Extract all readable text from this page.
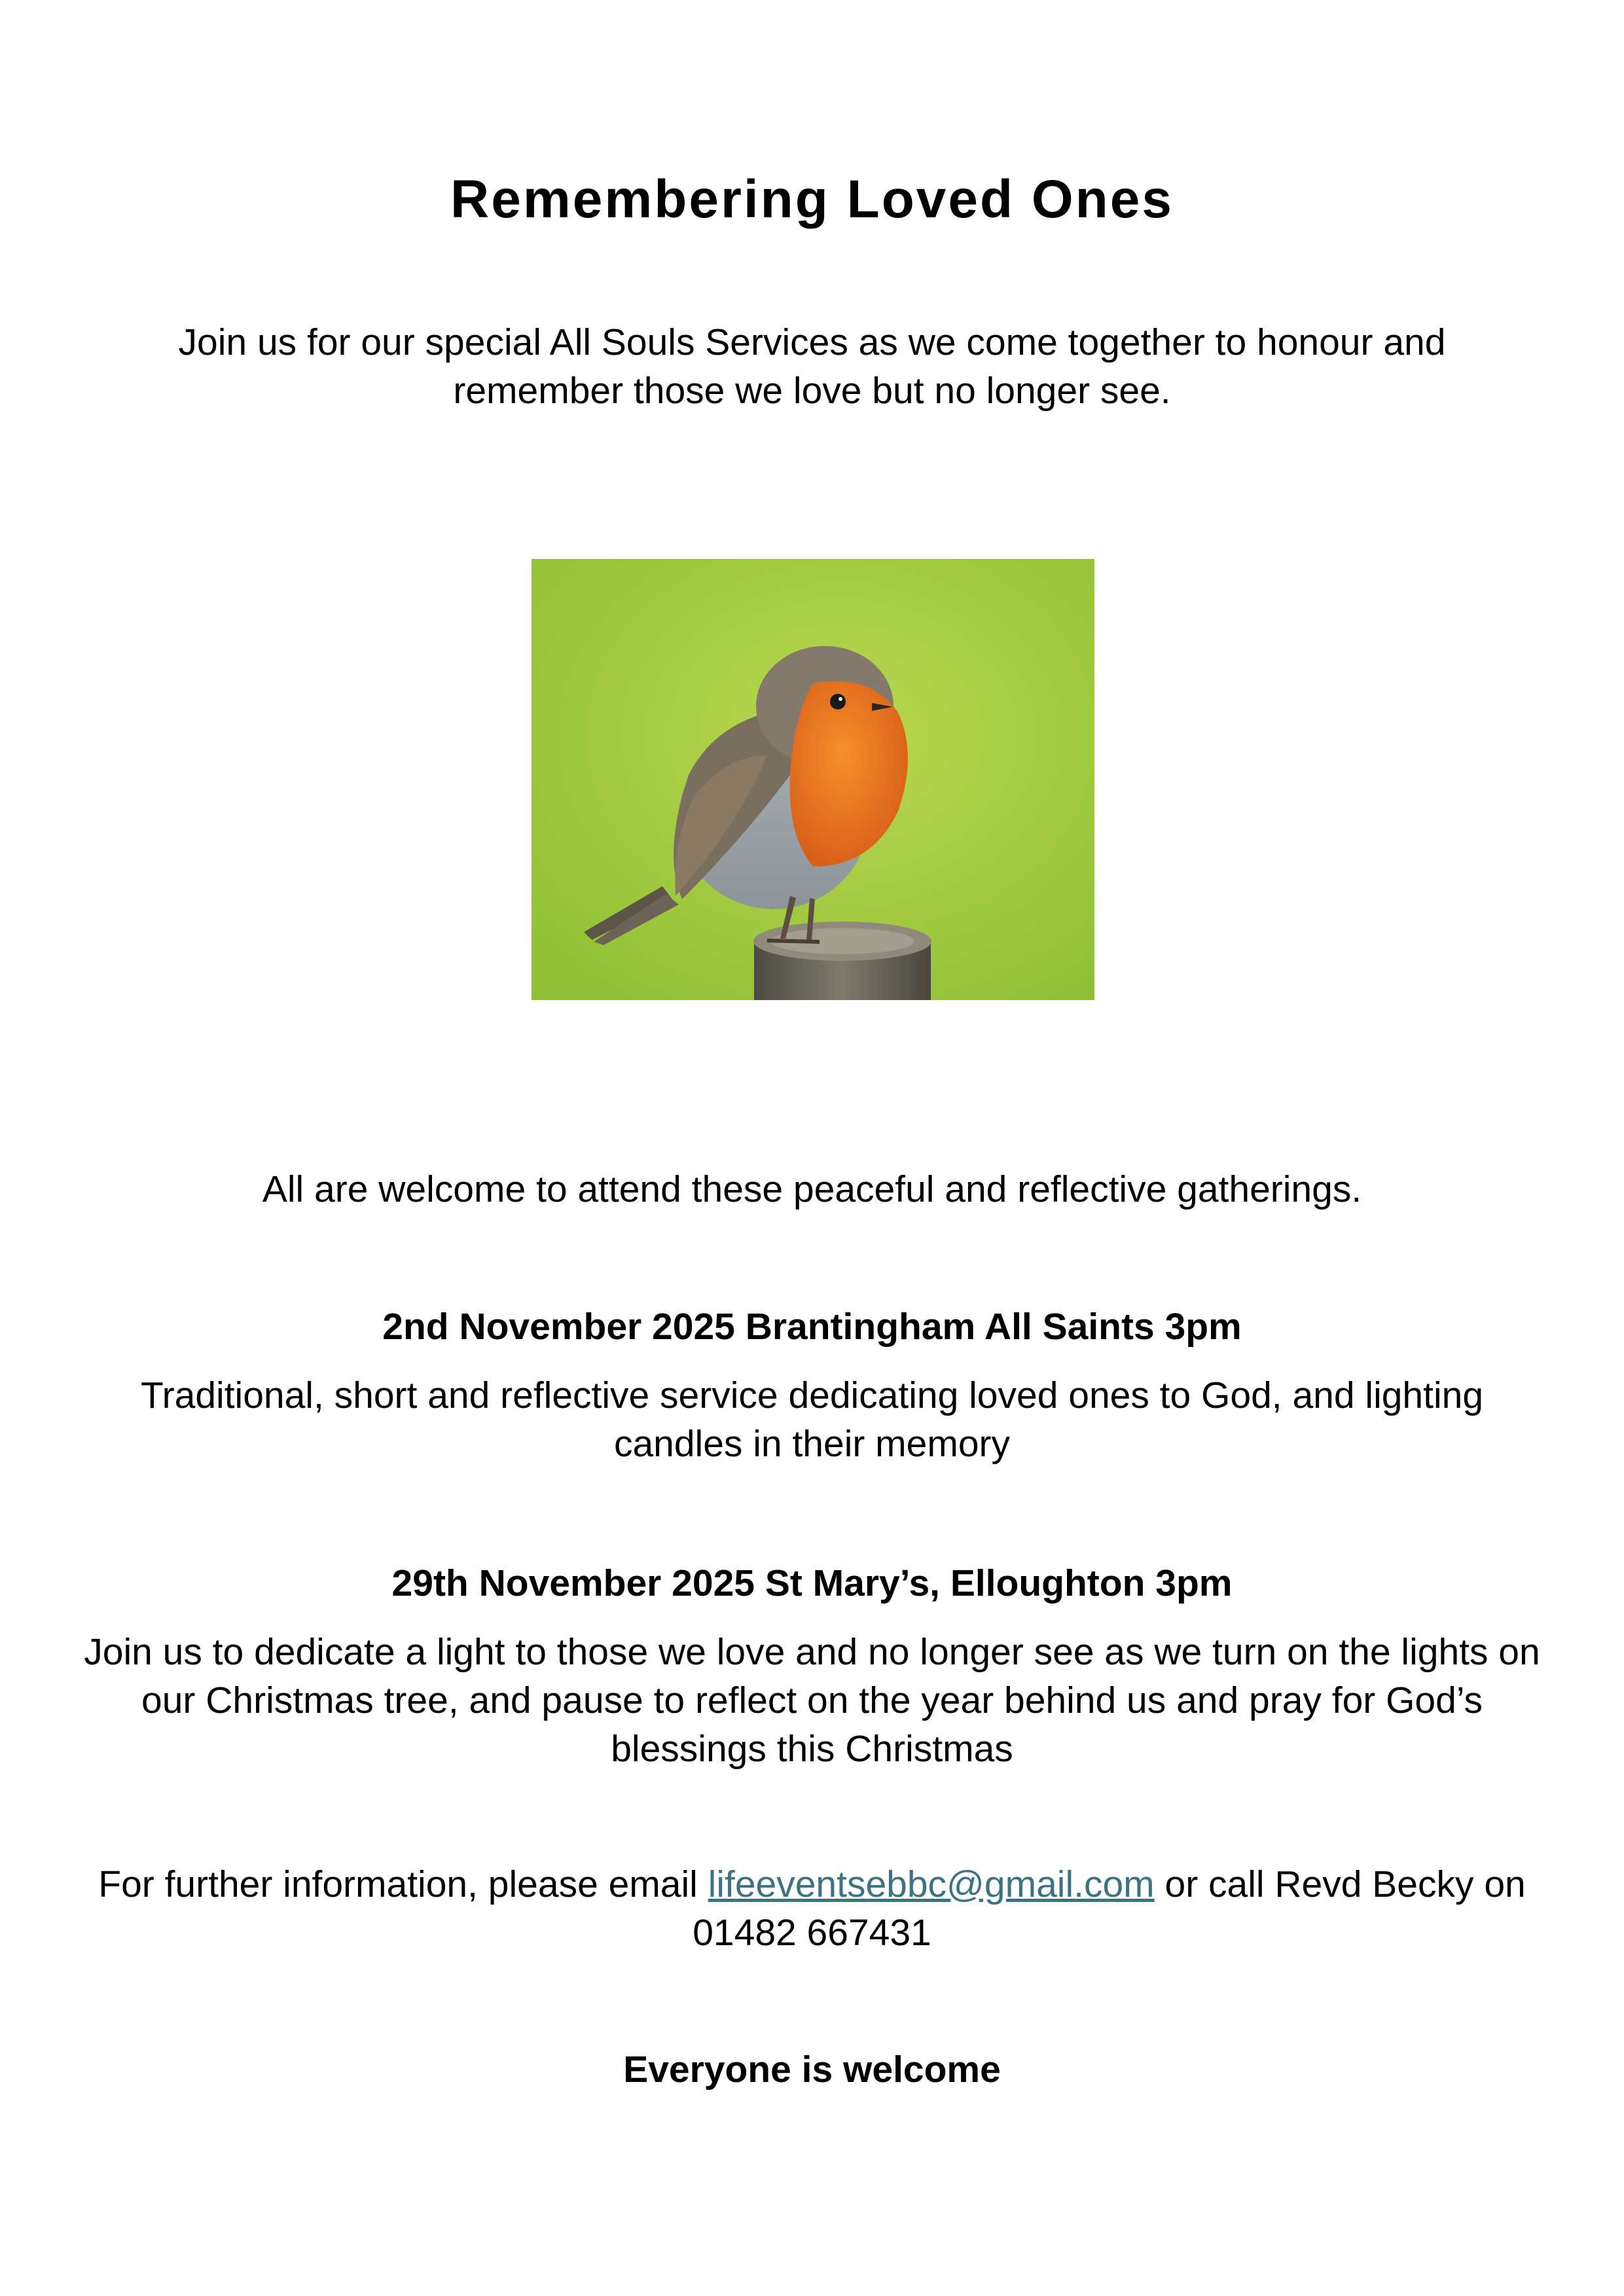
Remembering Loved Ones
Join us for our special All Souls Services as we come together to honour and remember those we love but no longer see.
All are welcome to attend these peaceful and reflective gatherings.
2nd November 2025 Brantingham All Saints 3pm
Traditional, short and reflective service dedicating loved ones to God, and lighting candles in their memory
29th November 2025 St Mary’s, Elloughton 3pm
Join us to dedicate a light to those we love and no longer see as we turn on the lights on our Christmas tree, and pause to reflect on the year behind us and pray for God’s blessings this Christmas
For further information, please email lifeeventsebbc@gmail.com or call Revd Becky on 01482 667431
Everyone is welcome
